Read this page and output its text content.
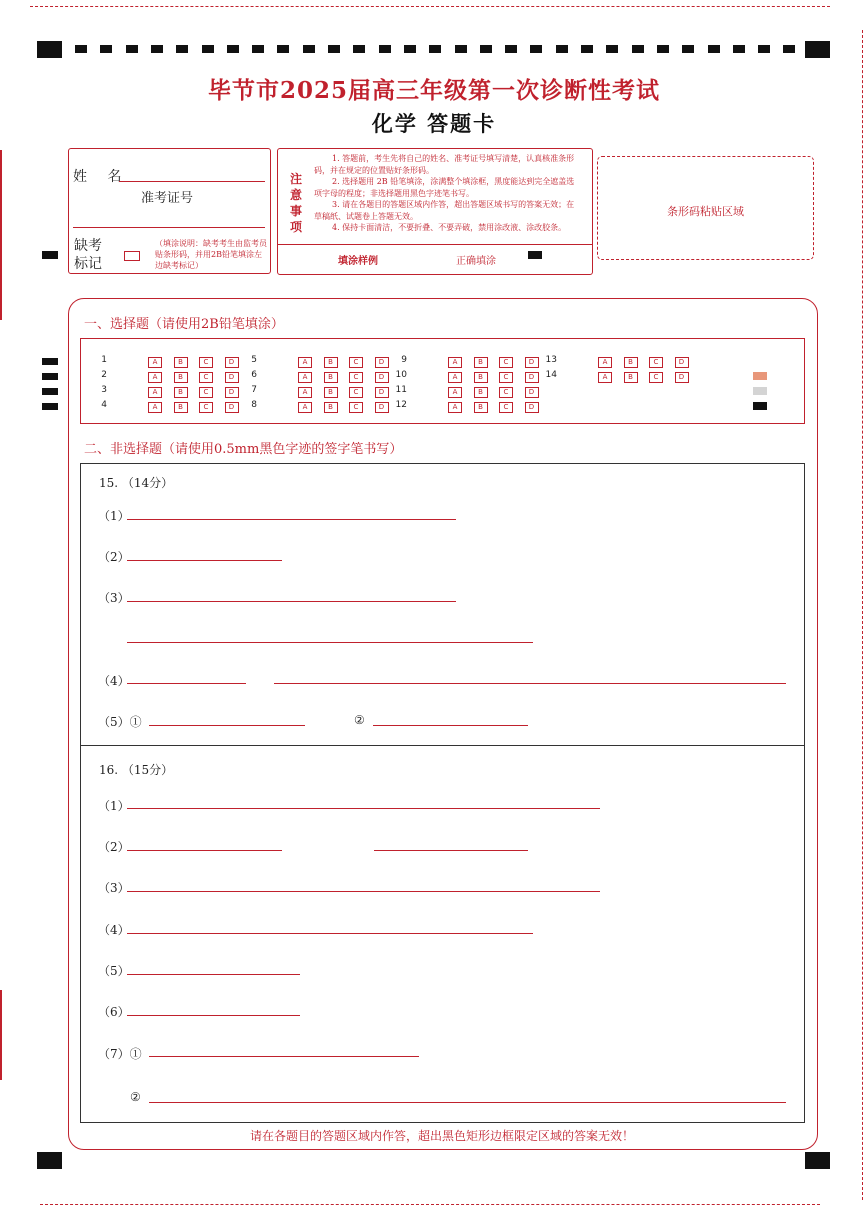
毕节市2025届高三年级第一次诊断性考试
化学 答题卡
姓 名
准考证号
缺考标记
（填涂说明：缺考考生由监考员贴条形码，并用2B铅笔填涂左边缺考标记）
注意事项
1. 答题前，考生先将自己的姓名、准考证号填写清楚，认真核准条形码，并在规定的位置贴好条形码。
2. 选择题用 2B 铅笔填涂，涂满整个填涂框，黑度能达到完全遮盖选项字母的程度；非选择题用黑色字迹笔书写。
3. 请在各题目的答题区域内作答，超出答题区域书写的答案无效；在草稿纸、试题卷上答题无效。
4. 保持卡面清洁，不要折叠、不要弄破，禁用涂改液、涂改胶条。
填涂样例	正确填涂
条形码粘贴区域
一、选择题（请使用2B铅笔填涂）
1	A	B	C	D
2	A	B	C	D
3	A	B	C	D
4	A	B	C	D
5	A	B	C	D
6	A	B	C	D
7	A	B	C	D
8	A	B	C	D
9	A	B	C	D
10	A	B	C	D
11	A	B	C	D
12	A	B	C	D
13	A	B	C	D
14	A	B	C	D
二、非选择题（请使用0.5mm黑色字迹的签字笔书写）
15. （14分）
（1）
（2）
（3）
（4）
（5）①	②
16. （15分）
（1）
（2）
（3）
（4）
（5）
（6）
（7）①
②
请在各题目的答题区域内作答，超出黑色矩形边框限定区域的答案无效！
